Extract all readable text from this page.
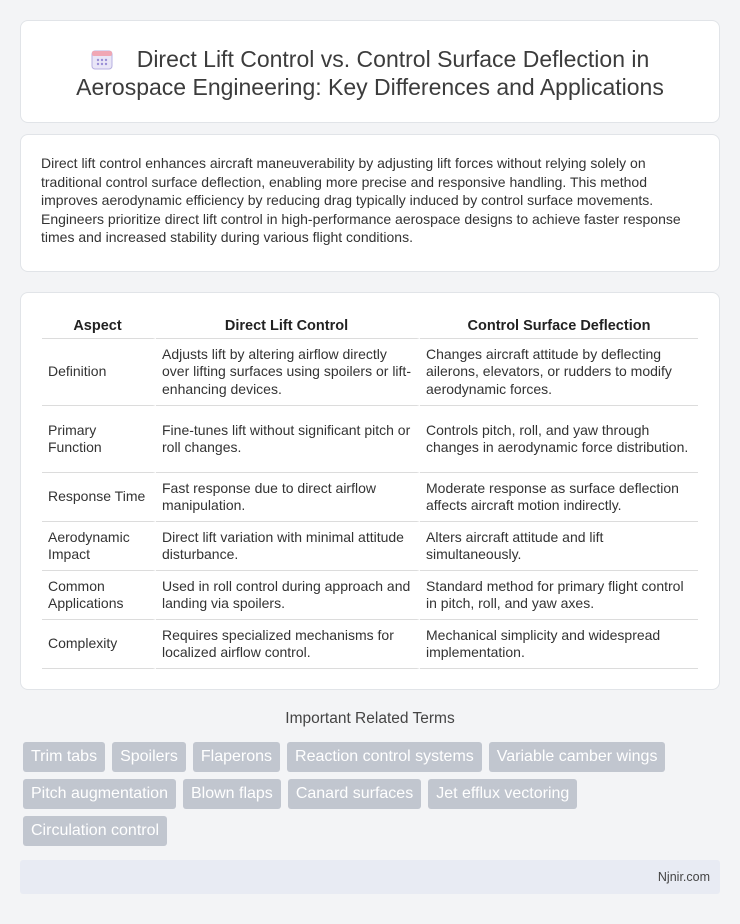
Direct Lift Control vs. Control Surface Deflection in Aerospace Engineering: Key Differences and Applications

Direct lift control enhances aircraft maneuverability by adjusting lift forces without relying solely on traditional control surface deflection, enabling more precise and responsive handling. This method improves aerodynamic efficiency by reducing drag typically induced by control surface movements. Engineers prioritize direct lift control in high-performance aerospace designs to achieve faster response times and increased stability during various flight conditions.

Aspect	Direct Lift Control	Control Surface Deflection
Definition	Adjusts lift by altering airflow directly over lifting surfaces using spoilers or lift-enhancing devices.	Changes aircraft attitude by deflecting ailerons, elevators, or rudders to modify aerodynamic forces.
Primary Function	Fine-tunes lift without significant pitch or roll changes.	Controls pitch, roll, and yaw through changes in aerodynamic force distribution.
Response Time	Fast response due to direct airflow manipulation.	Moderate response as surface deflection affects aircraft motion indirectly.
Aerodynamic Impact	Direct lift variation with minimal attitude disturbance.	Alters aircraft attitude and lift simultaneously.
Common Applications	Used in roll control during approach and landing via spoilers.	Standard method for primary flight control in pitch, roll, and yaw axes.
Complexity	Requires specialized mechanisms for localized airflow control.	Mechanical simplicity and widespread implementation.
Important Related Terms
Trim tabs	Spoilers	Flaperons	Reaction control systems	Variable camber wings
Pitch augmentation	Blown flaps	Canard surfaces	Jet efflux vectoring
Circulation control
Njnir.com
